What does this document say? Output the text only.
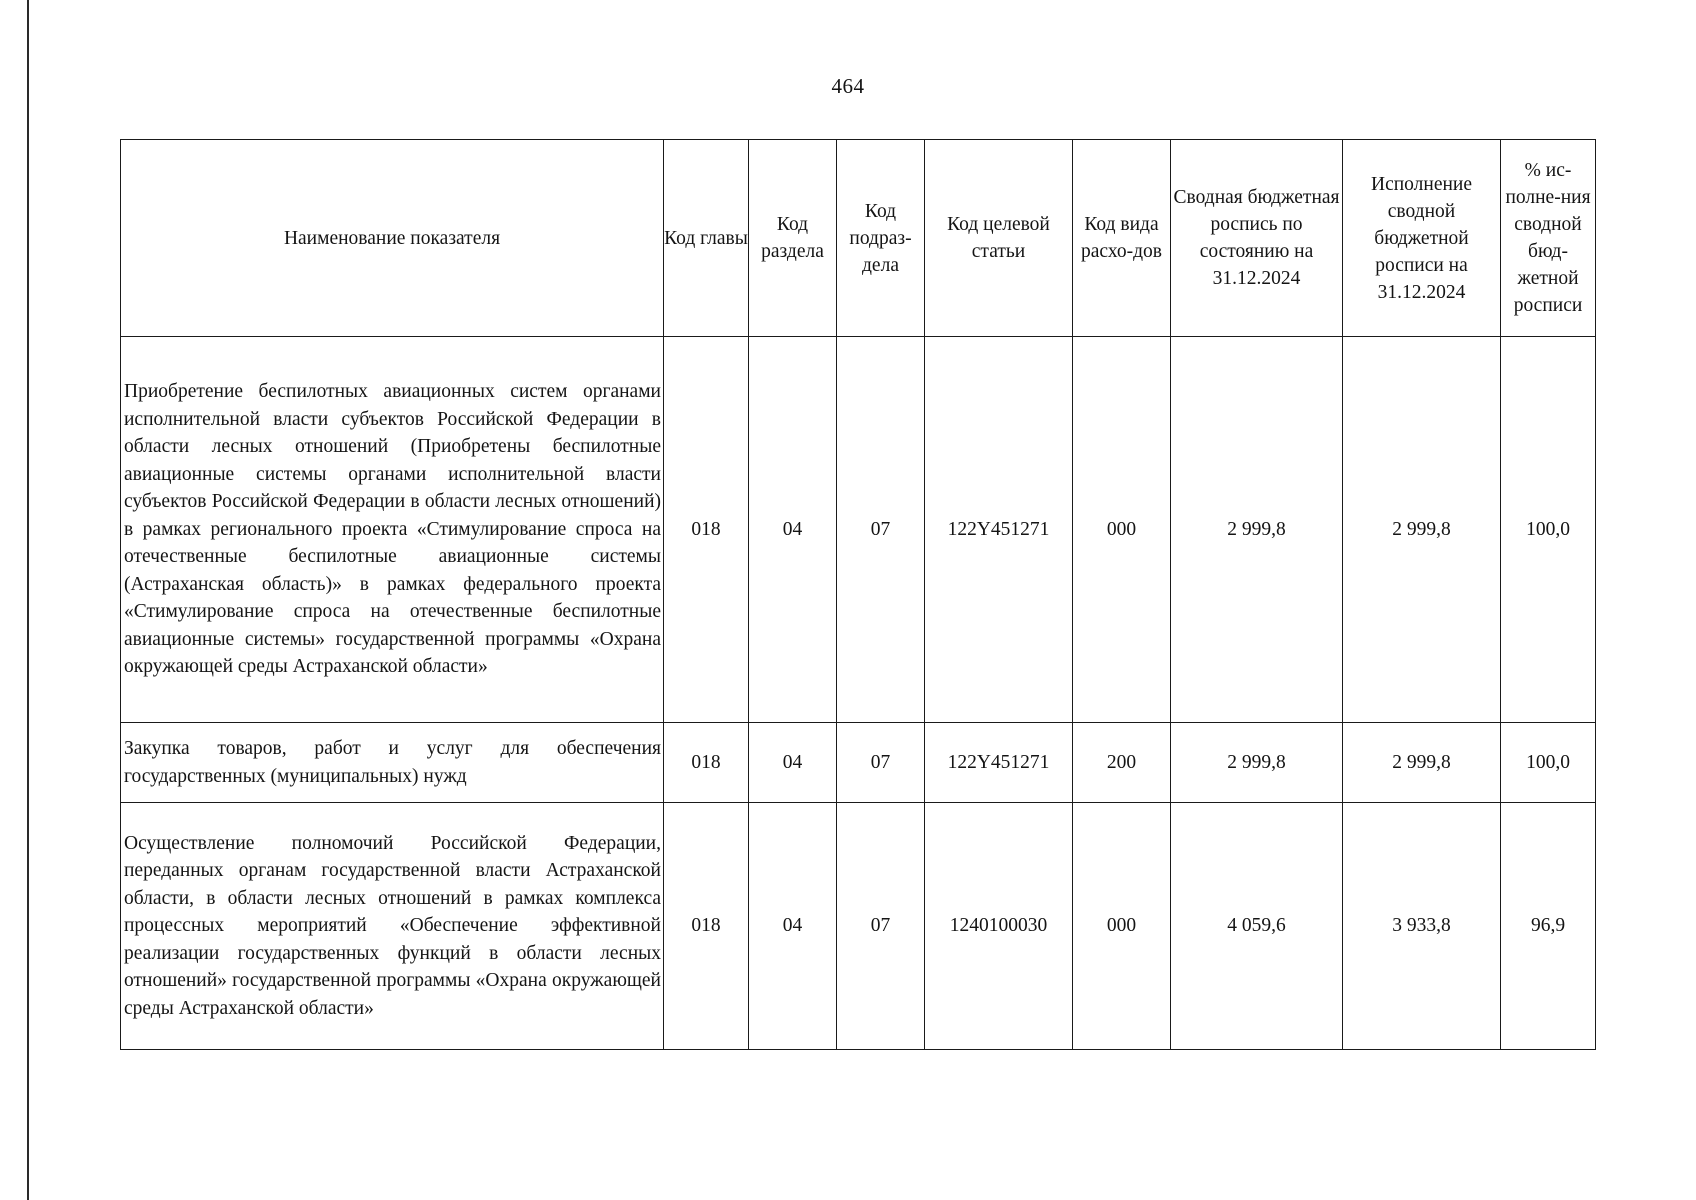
464
Наименование показателя	Код главы	Код раздела	Код подраз-дела	Код целевой статьи	Код вида расхо-дов	Сводная бюджетная роспись по состоянию на 31.12.2024	Исполнение сводной бюджетной росписи на 31.12.2024	% ис-полне-ния сводной бюд-жетной росписи
Приобретение беспилотных авиационных систем органами исполнительной власти субъектов Российской Федерации в области лесных отношений (Приобретены беспилотные авиационные системы органами исполнительной власти субъектов Российской Федерации в области лесных отношений) в рамках регионального проекта «Стимулирование спроса на отечественные беспилотные авиационные системы (Астраханская область)» в рамках федерального проекта «Стимулирование спроса на отечественные беспилотные авиационные системы» государственной программы «Охрана окружающей среды Астраханской области»	018	04	07	122Y451271	000	2 999,8	2 999,8	100,0
Закупка товаров, работ и услуг для обеспечения государственных (муниципальных) нужд	018	04	07	122Y451271	200	2 999,8	2 999,8	100,0
Осуществление полномочий Российской Федерации, переданных органам государственной власти Астраханской области, в области лесных отношений в рамках комплекса процессных мероприятий «Обеспечение эффективной реализации государственных функций в области лесных отношений» государственной программы «Охрана окружающей среды Астраханской области»	018	04	07	1240100030	000	4 059,6	3 933,8	96,9
